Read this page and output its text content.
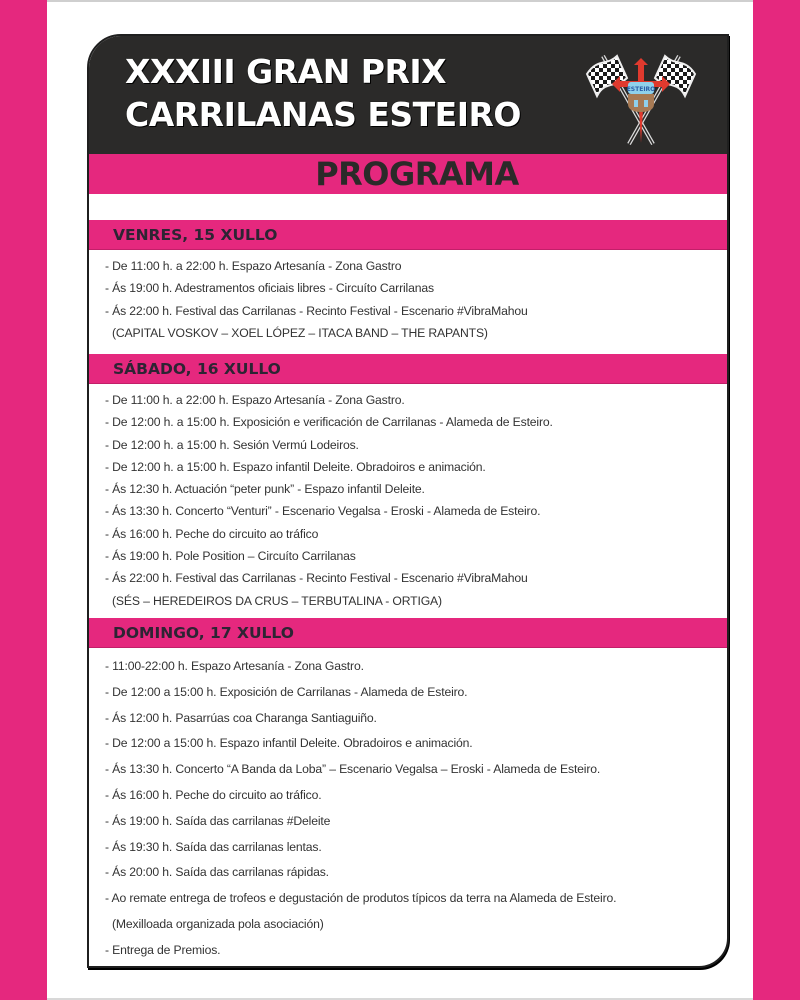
XXXIII GRAN PRIX
CARRILANAS ESTEIRO
ESTEIRO
PROGRAMA
VENRES, 15 XULLO
- De 11:00 h. a 22:00 h. Espazo Artesanía - Zona Gastro
- Ás 19:00 h. Adestramentos oficiais libres - Circuíto Carrilanas
- Ás 22:00 h. Festival das Carrilanas - Recinto Festival - Escenario #VibraMahou
(CAPITAL VOSKOV – XOEL LÓPEZ – ITACA BAND – THE RAPANTS)
SÁBADO, 16 XULLO
- De 11:00 h. a 22:00 h. Espazo Artesanía - Zona Gastro.
- De 12:00 h. a 15:00 h. Exposición e verificación de Carrilanas - Alameda de Esteiro.
- De 12:00 h. a 15:00 h. Sesión Vermú Lodeiros.
- De 12:00 h. a 15:00 h. Espazo infantil Deleite. Obradoiros e animación.
- Ás 12:30 h. Actuación “peter punk” - Espazo infantil Deleite.
- Ás 13:30 h. Concerto “Venturi” - Escenario Vegalsa - Eroski - Alameda de Esteiro.
- Ás 16:00 h. Peche do circuito ao tráfico
- Ás 19:00 h. Pole Position – Circuíto Carrilanas
- Ás 22:00 h. Festival das Carrilanas - Recinto Festival - Escenario #VibraMahou
(SÉS – HEREDEIROS DA CRUS – TERBUTALINA - ORTIGA)
DOMINGO, 17 XULLO
- 11:00-22:00 h. Espazo Artesanía - Zona Gastro.
- De 12:00 a 15:00 h. Exposición de Carrilanas - Alameda de Esteiro.
- Ás 12:00 h. Pasarrúas coa Charanga Santiaguiño.
- De 12:00 a 15:00 h. Espazo infantil Deleite. Obradoiros e animación.
- Ás 13:30 h. Concerto “A Banda da Loba” – Escenario Vegalsa – Eroski - Alameda de Esteiro.
- Ás 16:00 h. Peche do circuito ao tráfico.
- Ás 19:00 h. Saída das carrilanas #Deleite
- Ás 19:30 h. Saída das carrilanas lentas.
- Ás 20:00 h. Saída das carrilanas rápidas.
- Ao remate entrega de trofeos e degustación de produtos típicos da terra na Alameda de Esteiro.
(Mexilloada organizada pola asociación)
- Entrega de Premios.
